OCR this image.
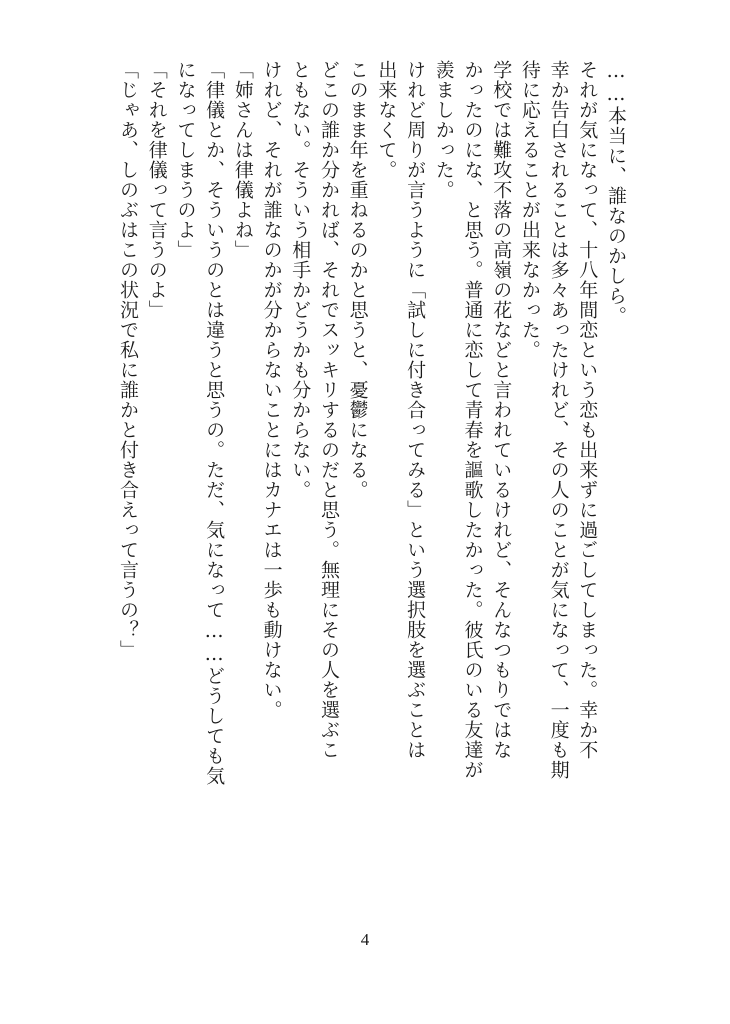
……本当に、誰なのかしら。
それが気になって、十八年間恋という恋も出来ずに過ごしてしまった。幸か不
幸か告白されることは多々あったけれど、その人のことが気になって、一度も期
待に応えることが出来なかった。
学校では難攻不落の高嶺の花などと言われているけれど、そんなつもりではな
かったのにな、と思う。普通に恋して青春を謳歌したかった。彼氏のいる友達が
羨ましかった。
けれど周りが言うように「試しに付き合ってみる」という選択肢を選ぶことは
出来なくて。
このまま年を重ねるのかと思うと、憂鬱になる。
どこの誰か分かれば、それでスッキリするのだと思う。無理にその人を選ぶこ
ともない。そういう相手かどうかも分からない。
けれど、それが誰なのかが分からないことにはカナエは一歩も動けない。
「姉さんは律儀よね」
「律儀とか、そういうのとは違うと思うの。ただ、気になって……どうしても気
になってしまうのよ」
「それを律儀って言うのよ」
「じゃあ、しのぶはこの状況で私に誰かと付き合えって言うの？」
4
